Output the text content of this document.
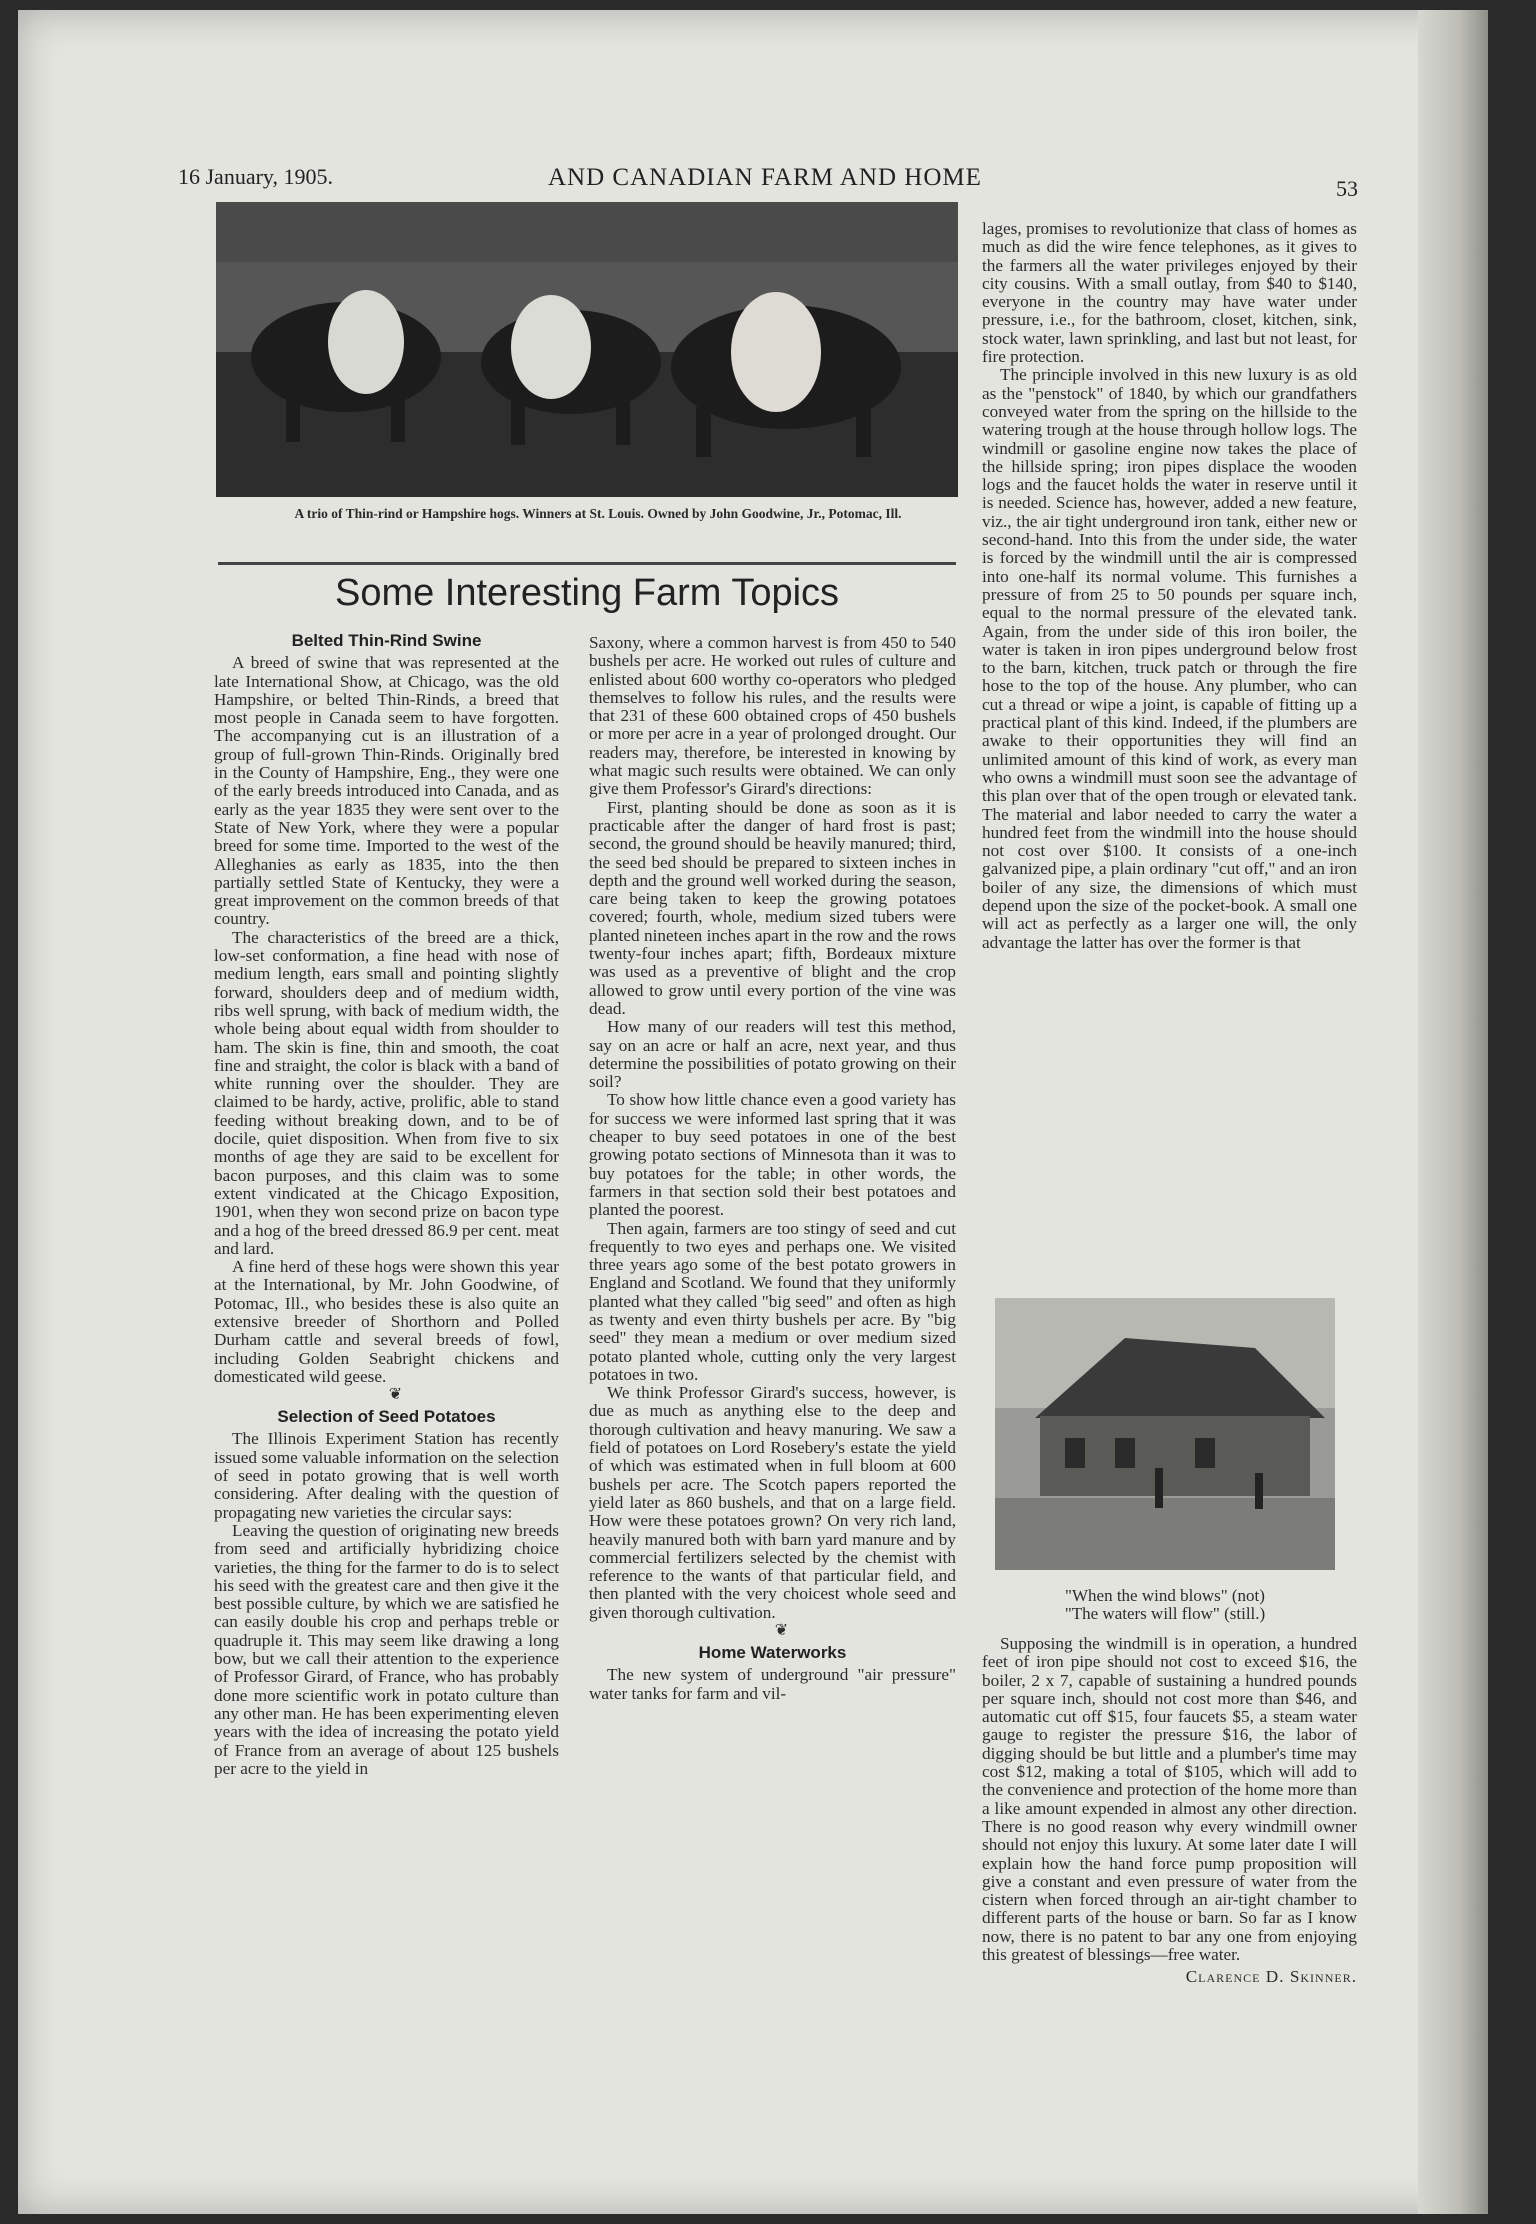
16 January, 1905.	AND CANADIAN FARM AND HOME	53
A trio of Thin-rind or Hampshire hogs. Winners at St. Louis. Owned by John Goodwine, Jr., Potomac, Ill.
Some Interesting Farm Topics
Belted Thin-Rind Swine

A breed of swine that was represented at the late International Show, at Chicago, was the old Hampshire, or belted Thin-Rinds, a breed that most people in Canada seem to have forgotten. The accompanying cut is an illustration of a group of full-grown Thin-Rinds. Originally bred in the County of Hampshire, Eng., they were one of the early breeds introduced into Canada, and as early as the year 1835 they were sent over to the State of New York, where they were a popular breed for some time. Imported to the west of the Alleghanies as early as 1835, into the then partially settled State of Kentucky, they were a great improvement on the common breeds of that country.

The characteristics of the breed are a thick, low-set conformation, a fine head with nose of medium length, ears small and pointing slightly forward, shoulders deep and of medium width, ribs well sprung, with back of medium width, the whole being about equal width from shoulder to ham. The skin is fine, thin and smooth, the coat fine and straight, the color is black with a band of white running over the shoulder. They are claimed to be hardy, active, prolific, able to stand feeding without breaking down, and to be of docile, quiet disposition. When from five to six months of age they are said to be excellent for bacon purposes, and this claim was to some extent vindicated at the Chicago Exposition, 1901, when they won second prize on bacon type and a hog of the breed dressed 86.9 per cent. meat and lard.

A fine herd of these hogs were shown this year at the International, by Mr. John Goodwine, of Potomac, Ill., who besides these is also quite an extensive breeder of Shorthorn and Polled Durham cattle and several breeds of fowl, including Golden Seabright chickens and domesticated wild geese.

❦

Selection of Seed Potatoes

The Illinois Experiment Station has recently issued some valuable information on the selection of seed in potato growing that is well worth considering. After dealing with the question of propagating new varieties the circular says:

Leaving the question of originating new breeds from seed and artificially hybridizing choice varieties, the thing for the farmer to do is to select his seed with the greatest care and then give it the best possible culture, by which we are satisfied he can easily double his crop and perhaps treble or quadruple it. This may seem like drawing a long bow, but we call their attention to the experience of Professor Girard, of France, who has probably done more scientific work in potato culture than any other man. He has been experimenting eleven years with the idea of increasing the potato yield of France from an average of about 125 bushels per acre to the yield in

Saxony, where a common harvest is from 450 to 540 bushels per acre. He worked out rules of culture and enlisted about 600 worthy co-operators who pledged themselves to follow his rules, and the results were that 231 of these 600 obtained crops of 450 bushels or more per acre in a year of prolonged drought. Our readers may, therefore, be interested in knowing by what magic such results were obtained. We can only give them Professor's Girard's directions:

First, planting should be done as soon as it is practicable after the danger of hard frost is past; second, the ground should be heavily manured; third, the seed bed should be prepared to sixteen inches in depth and the ground well worked during the season, care being taken to keep the growing potatoes covered; fourth, whole, medium sized tubers were planted nineteen inches apart in the row and the rows twenty-four inches apart; fifth, Bordeaux mixture was used as a preventive of blight and the crop allowed to grow until every portion of the vine was dead.

How many of our readers will test this method, say on an acre or half an acre, next year, and thus determine the possibilities of potato growing on their soil?

To show how little chance even a good variety has for success we were informed last spring that it was cheaper to buy seed potatoes in one of the best growing potato sections of Minnesota than it was to buy potatoes for the table; in other words, the farmers in that section sold their best potatoes and planted the poorest.

Then again, farmers are too stingy of seed and cut frequently to two eyes and perhaps one. We visited three years ago some of the best potato growers in England and Scotland. We found that they uniformly planted what they called "big seed" and often as high as twenty and even thirty bushels per acre. By "big seed" they mean a medium or over medium sized potato planted whole, cutting only the very largest potatoes in two.

We think Professor Girard's success, however, is due as much as anything else to the deep and thorough cultivation and heavy manuring. We saw a field of potatoes on Lord Rosebery's estate the yield of which was estimated when in full bloom at 600 bushels per acre. The Scotch papers reported the yield later as 860 bushels, and that on a large field. How were these potatoes grown? On very rich land, heavily manured both with barn yard manure and by commercial fertilizers selected by the chemist with reference to the wants of that particular field, and then planted with the very choicest whole seed and given thorough cultivation.

❦

Home Waterworks

The new system of underground "air pressure" water tanks for farm and vil-

lages, promises to revolutionize that class of homes as much as did the wire fence telephones, as it gives to the farmers all the water privileges enjoyed by their city cousins. With a small outlay, from $40 to $140, everyone in the country may have water under pressure, i.e., for the bathroom, closet, kitchen, sink, stock water, lawn sprinkling, and last but not least, for fire protection.

The principle involved in this new luxury is as old as the "penstock" of 1840, by which our grandfathers conveyed water from the spring on the hillside to the watering trough at the house through hollow logs. The windmill or gasoline engine now takes the place of the hillside spring; iron pipes displace the wooden logs and the faucet holds the water in reserve until it is needed. Science has, however, added a new feature, viz., the air tight underground iron tank, either new or second-hand. Into this from the under side, the water is forced by the windmill until the air is compressed into one-half its normal volume. This furnishes a pressure of from 25 to 50 pounds per square inch, equal to the normal pressure of the elevated tank. Again, from the under side of this iron boiler, the water is taken in iron pipes underground below frost to the barn, kitchen, truck patch or through the fire hose to the top of the house. Any plumber, who can cut a thread or wipe a joint, is capable of fitting up a practical plant of this kind. Indeed, if the plumbers are awake to their opportunities they will find an unlimited amount of this kind of work, as every man who owns a windmill must soon see the advantage of this plan over that of the open trough or elevated tank. The material and labor needed to carry the water a hundred feet from the windmill into the house should not cost over $100. It consists of a one-inch galvanized pipe, a plain ordinary "cut off," and an iron boiler of any size, the dimensions of which must depend upon the size of the pocket-book. A small one will act as perfectly as a larger one will, the only advantage the latter has over the former is that

"When the wind blows" (not)
"The waters will flow" (still.)

Supposing the windmill is in operation, a hundred feet of iron pipe should not cost to exceed $16, the boiler, 2 x 7, capable of sustaining a hundred pounds per square inch, should not cost more than $46, and automatic cut off $15, four faucets $5, a steam water gauge to register the pressure $16, the labor of digging should be but little and a plumber's time may cost $12, making a total of $105, which will add to the convenience and protection of the home more than a like amount expended in almost any other direction. There is no good reason why every windmill owner should not enjoy this luxury. At some later date I will explain how the hand force pump proposition will give a constant and even pressure of water from the cistern when forced through an air-tight chamber to different parts of the house or barn. So far as I know now, there is no patent to bar any one from enjoying this greatest of blessings—free water.

Clarence D. Skinner.
